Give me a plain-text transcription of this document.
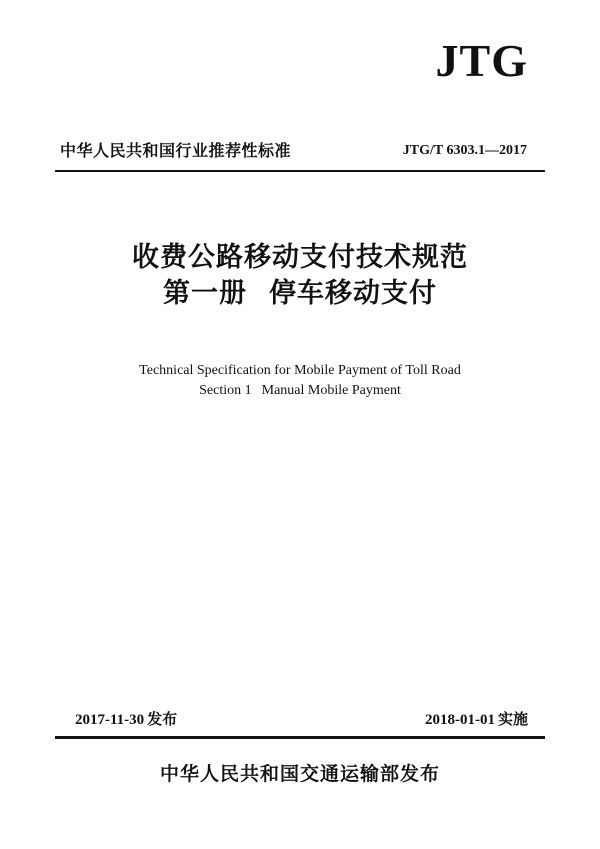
JTG
中华人民共和国行业推荐性标准	JTG/T 6303.1—2017
收费公路移动支付技术规范
第一册 停车移动支付
Technical Specification for Mobile Payment of Toll Road
Section 1 Manual Mobile Payment
2017-11-30 发布	2018-01-01 实施
中华人民共和国交通运输部发布
